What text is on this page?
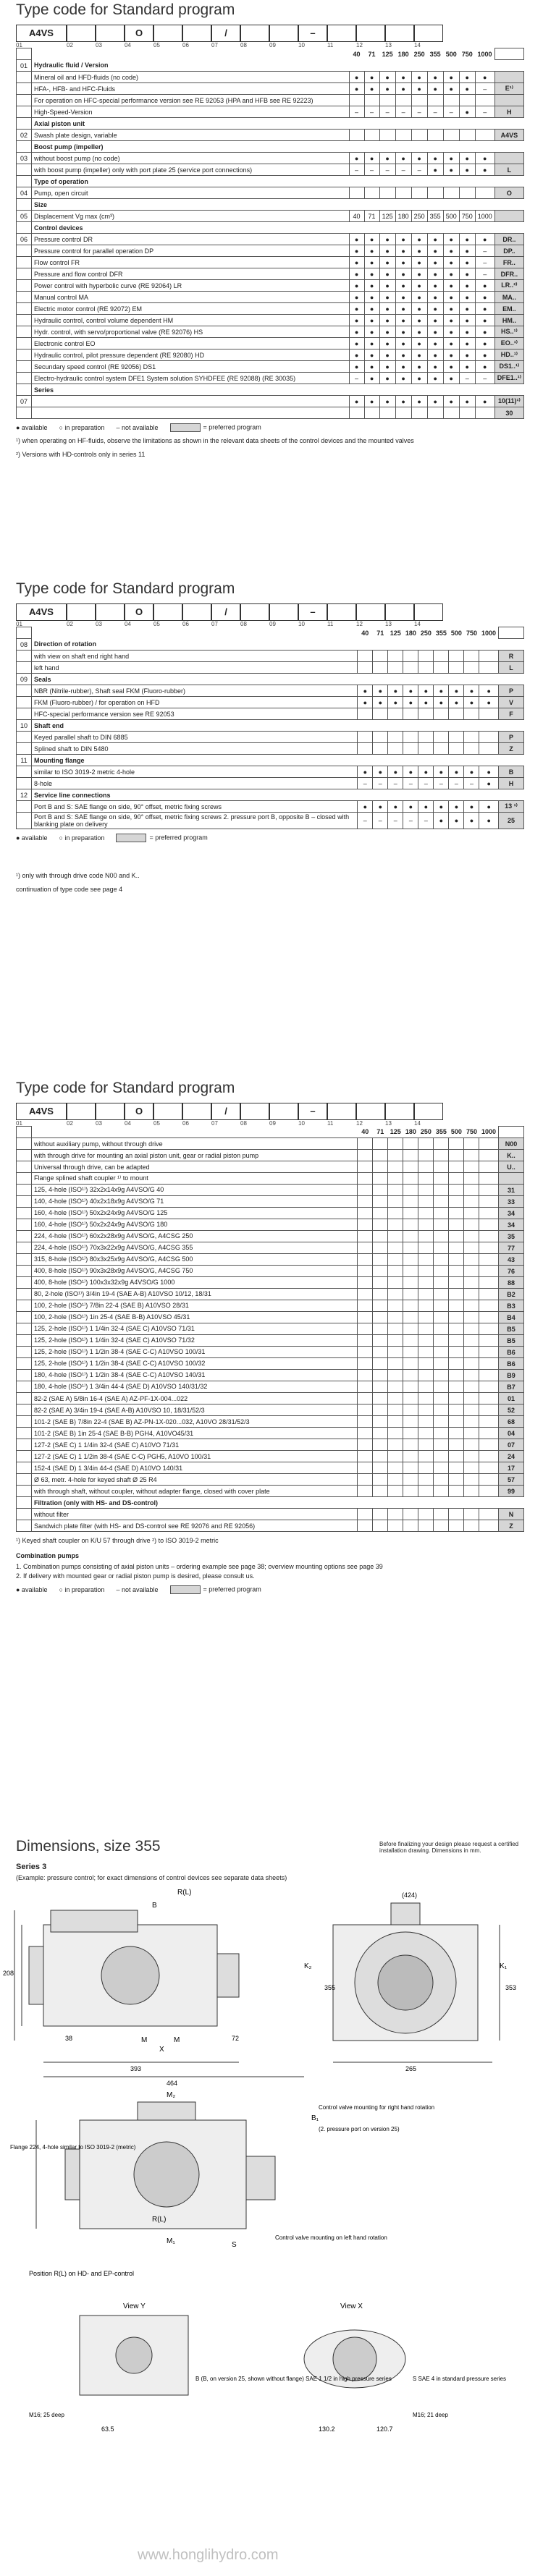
Type code for Standard program
A4VS
01	02	03
O
04	05	06
/
07	08	09
–
10	11	12	13	14
		40	71	125	180	250	355	500	750	1000	
01	Hydraulic fluid / Version										
	Mineral oil and HFD-fluids (no code)	●	●	●	●	●	●	●	●	●	
	HFA-, HFB- and HFC-Fluids	●	●	●	●	●	●	●	●	–	E¹⁾
	For operation on HFC-special performance version see RE 92053 (HPA and HFB see RE 92223)										
	High-Speed-Version	–	–	–	–	–	–	–	●	–	H
	Axial piston unit										
02	Swash plate design, variable										A4VS
	Boost pump (impeller)										
03	without boost pump (no code)	●	●	●	●	●	●	●	●	●	
	with boost pump (impeller) only with port plate 25 (service port connections)	–	–	–	–	–	●	●	●	●	L
	Type of operation										
04	Pump, open circuit										O
	Size										
05	Displacement Vg max (cm³)	40	71	125	180	250	355	500	750	1000	
	Control devices										
06	Pressure control DR	●	●	●	●	●	●	●	●	●	DR..
	Pressure control for parallel operation DP	●	●	●	●	●	●	●	●	–	DP..
	Flow control FR	●	●	●	●	●	●	●	●	–	FR..
	Pressure and flow control DFR	●	●	●	●	●	●	●	●	–	DFR..
	Power control with hyperbolic curve (RE 92064) LR	●	●	●	●	●	●	●	●	●	LR..²⁾
	Manual control MA	●	●	●	●	●	●	●	●	●	MA..
	Electric motor control (RE 92072) EM	●	●	●	●	●	●	●	●	●	EM..
	Hydraulic control, control volume dependent HM	●	●	●	●	●	●	●	●	●	HM..
	Hydr. control, with servo/proportional valve (RE 92076) HS	●	●	●	●	●	●	●	●	●	HS..¹⁾
	Electronic control EO	●	●	●	●	●	●	●	●	●	EO..¹⁾
	Hydraulic control, pilot pressure dependent (RE 92080) HD	●	●	●	●	●	●	●	●	●	HD..¹⁾
	Secundary speed control (RE 92056) DS1	●	●	●	●	●	●	●	●	●	DS1..¹⁾
	Electro-hydraulic control system DFE1 System solution SYHDFEE (RE 92088) (RE 30035)	–	●	●	●	●	●	●	–	–	DFE1..¹⁾
	Series										
07		●	●	●	●	●	●	●	●	●	10(11)¹⁾
											30
● available ○ in preparation – not available	= preferred program
¹) when operating on HF-fluids, observe the limitations as shown in the relevant data sheets of the control devices and the mounted valves
²) Versions with HD-controls only in series 11
Type code for Standard program
A4VS
01	02	03
O
04	05	06
/
07	08	09
–
10	11	12	13	14
		40	71	125	180	250	355	500	750	1000	
08	Direction of rotation										
	with view on shaft end right hand										R
	left hand										L
09	Seals										
	NBR (Nitrile-rubber), Shaft seal FKM (Fluoro-rubber)	●	●	●	●	●	●	●	●	●	P
	FKM (Fluoro-rubber) / for operation on HFD	●	●	●	●	●	●	●	●	●	V
	HFC-special performance version see RE 92053										F
10	Shaft end										
	Keyed parallel shaft to DIN 6885										P
	Splined shaft to DIN 5480										Z
11	Mounting flange										
	similar to ISO 3019-2 metric 4-hole	●	●	●	●	●	●	●	●	●	B
	8-hole	–	–	–	–	–	–	–	–	●	H
12	Service line connections										
	Port B and S: SAE flange on side, 90° offset, metric fixing screws	●	●	●	●	●	●	●	●	●	13 ¹⁾
	Port B and S: SAE flange on side, 90° offset, metric fixing screws 2. pressure port B, opposite B – closed with blanking plate on delivery	–	–	–	–	–	●	●	●	●	25
● available ○ in preparation	= preferred program
¹) only with through drive code N00 and K..
continuation of type code see page 4
Type code for Standard program
A4VS
01	02	03
O
04	05	06
/
07	08	09
–
10	11	12	13	14
		40	71	125	180	250	355	500	750	1000	
	without auxiliary pump, without through drive										N00
	with through drive for mounting an axial piston unit, gear or radial piston pump										K..
	Universal through drive, can be adapted										U..
	Flange splined shaft coupler ¹⁾ to mount										
	125, 4-hole (ISO¹⁾) 32x2x14x9g A4VSO/G 40										31
	140, 4-hole (ISO¹⁾) 40x2x18x9g A4VSO/G 71										33
	160, 4-hole (ISO¹⁾) 50x2x24x9g A4VSO/G 125										34
	160, 4-hole (ISO¹⁾) 50x2x24x9g A4VSO/G 180										34
	224, 4-hole (ISO¹⁾) 60x2x28x9g A4VSO/G, A4CSG 250										35
	224, 4-hole (ISO¹⁾) 70x3x22x9g A4VSO/G, A4CSG 355										77
	315, 8-hole (ISO¹⁾) 80x3x25x9g A4VSO/G, A4CSG 500										43
	400, 8-hole (ISO¹⁾) 90x3x28x9g A4VSO/G, A4CSG 750										76
	400, 8-hole (ISO¹⁾) 100x3x32x9g A4VSO/G 1000										88
	80, 2-hole (ISO¹⁾) 3/4in 19-4 (SAE A-B) A10VSO 10/12, 18/31										B2
	100, 2-hole (ISO¹⁾) 7/8in 22-4 (SAE B) A10VSO 28/31										B3
	100, 2-hole (ISO¹⁾) 1in 25-4 (SAE B-B) A10VSO 45/31										B4
	125, 2-hole (ISO¹⁾) 1 1/4in 32-4 (SAE C) A10VSO 71/31										B5
	125, 2-hole (ISO¹⁾) 1 1/4in 32-4 (SAE C) A10VSO 71/32										B5
	125, 2-hole (ISO¹⁾) 1 1/2in 38-4 (SAE C-C) A10VSO 100/31										B6
	125, 2-hole (ISO¹⁾) 1 1/2in 38-4 (SAE C-C) A10VSO 100/32										B6
	180, 4-hole (ISO¹⁾) 1 1/2in 38-4 (SAE C-C) A10VSO 140/31										B9
	180, 4-hole (ISO¹⁾) 1 3/4in 44-4 (SAE D) A10VSO 140/31/32										B7
	82-2 (SAE A) 5/8in 16-4 (SAE A) AZ-PF-1X-004...022										01
	82-2 (SAE A) 3/4in 19-4 (SAE A-B) A10VSO 10, 18/31/52/3										52
	101-2 (SAE B) 7/8in 22-4 (SAE B) AZ-PN-1X-020...032, A10VO 28/31/52/3										68
	101-2 (SAE B) 1in 25-4 (SAE B-B) PGH4, A10VO45/31										04
	127-2 (SAE C) 1 1/4in 32-4 (SAE C) A10VO 71/31										07
	127-2 (SAE C) 1 1/2in 38-4 (SAE C-C) PGH5, A10VO 100/31										24
	152-4 (SAE D) 1 3/4in 44-4 (SAE D) A10VO 140/31										17
	Ø 63, metr. 4-hole for keyed shaft Ø 25 R4										57
	with through shaft, without coupler, without adapter flange, closed with cover plate										99
	Filtration (only with HS- and DS-control)										
	without filter										N
	Sandwich plate filter (with HS- and DS-control see RE 92076 and RE 92056)										Z
¹) Keyed shaft coupler on K/U 57 through drive ²) to ISO 3019-2 metric
Combination pumps
1. Combination pumps consisting of axial piston units – ordering example see page 38; overview mounting options see page 39
2. If delivery with mounted gear or radial piston pump is desired, please consult us.
● available ○ in preparation – not available	= preferred program
Dimensions, size 355	Before finalizing your design please request a certified installation drawing. Dimensions in mm.
Series 3
(Example: pressure control; for exact dimensions of control devices see separate data sheets)
R(L)
B
M	M
X
K₂	K₁
393
464
(424)
265
353
355
208
72
38
Flange 224, 4-hole similar to ISO 3019-2 (metric)
M₂
B₁
Control valve mounting for right hand rotation
(2. pressure port on version 25)
M₁
R(L)
S
Control valve mounting on left hand rotation
Position R(L) on HD- and EP-control
View Y	View X
B (B, on version 25, shown without flange) SAE 1 1/2 in high pressure series	S SAE 4 in standard pressure series
M16; 25 deep	M16; 21 deep
63.5	130.2	120.7
www.honglihydro.com
